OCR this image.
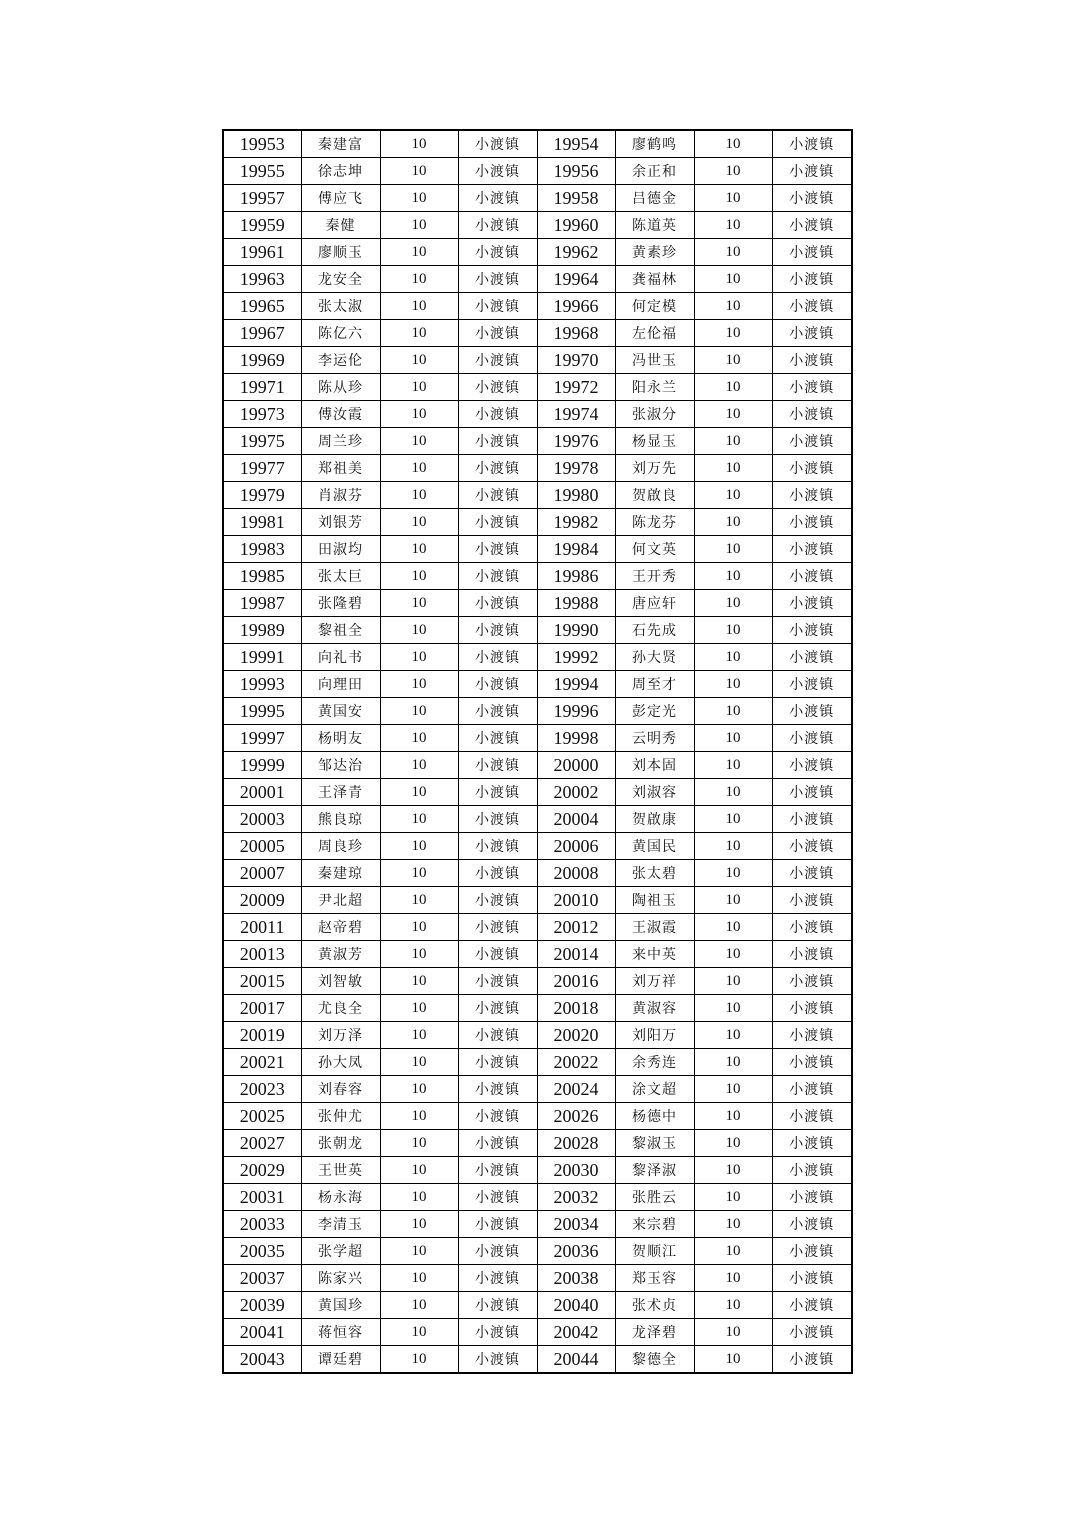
19953	秦建富	10	小渡镇	19954	廖鹤鸣	10	小渡镇
19955	徐志坤	10	小渡镇	19956	余正和	10	小渡镇
19957	傅应飞	10	小渡镇	19958	吕德金	10	小渡镇
19959	秦健	10	小渡镇	19960	陈道英	10	小渡镇
19961	廖顺玉	10	小渡镇	19962	黄素珍	10	小渡镇
19963	龙安全	10	小渡镇	19964	龚福林	10	小渡镇
19965	张太淑	10	小渡镇	19966	何定模	10	小渡镇
19967	陈亿六	10	小渡镇	19968	左伦福	10	小渡镇
19969	李运伦	10	小渡镇	19970	冯世玉	10	小渡镇
19971	陈从珍	10	小渡镇	19972	阳永兰	10	小渡镇
19973	傅汝霞	10	小渡镇	19974	张淑分	10	小渡镇
19975	周兰珍	10	小渡镇	19976	杨显玉	10	小渡镇
19977	郑祖美	10	小渡镇	19978	刘万先	10	小渡镇
19979	肖淑芬	10	小渡镇	19980	贺啟良	10	小渡镇
19981	刘银芳	10	小渡镇	19982	陈龙芬	10	小渡镇
19983	田淑均	10	小渡镇	19984	何文英	10	小渡镇
19985	张太巨	10	小渡镇	19986	王开秀	10	小渡镇
19987	张隆碧	10	小渡镇	19988	唐应轩	10	小渡镇
19989	黎祖全	10	小渡镇	19990	石先成	10	小渡镇
19991	向礼书	10	小渡镇	19992	孙大贤	10	小渡镇
19993	向理田	10	小渡镇	19994	周至才	10	小渡镇
19995	黄国安	10	小渡镇	19996	彭定光	10	小渡镇
19997	杨明友	10	小渡镇	19998	云明秀	10	小渡镇
19999	邹达治	10	小渡镇	20000	刘本固	10	小渡镇
20001	王泽青	10	小渡镇	20002	刘淑容	10	小渡镇
20003	熊良琼	10	小渡镇	20004	贺啟康	10	小渡镇
20005	周良珍	10	小渡镇	20006	黄国民	10	小渡镇
20007	秦建琼	10	小渡镇	20008	张太碧	10	小渡镇
20009	尹北超	10	小渡镇	20010	陶祖玉	10	小渡镇
20011	赵帝碧	10	小渡镇	20012	王淑霞	10	小渡镇
20013	黄淑芳	10	小渡镇	20014	来中英	10	小渡镇
20015	刘智敏	10	小渡镇	20016	刘万祥	10	小渡镇
20017	尤良全	10	小渡镇	20018	黄淑容	10	小渡镇
20019	刘万泽	10	小渡镇	20020	刘阳万	10	小渡镇
20021	孙大凤	10	小渡镇	20022	余秀连	10	小渡镇
20023	刘春容	10	小渡镇	20024	涂文超	10	小渡镇
20025	张仲尤	10	小渡镇	20026	杨德中	10	小渡镇
20027	张朝龙	10	小渡镇	20028	黎淑玉	10	小渡镇
20029	王世英	10	小渡镇	20030	黎泽淑	10	小渡镇
20031	杨永海	10	小渡镇	20032	张胜云	10	小渡镇
20033	李清玉	10	小渡镇	20034	来宗碧	10	小渡镇
20035	张学超	10	小渡镇	20036	贺顺江	10	小渡镇
20037	陈家兴	10	小渡镇	20038	郑玉容	10	小渡镇
20039	黄国珍	10	小渡镇	20040	张术贞	10	小渡镇
20041	蒋恒容	10	小渡镇	20042	龙泽碧	10	小渡镇
20043	谭廷碧	10	小渡镇	20044	黎德全	10	小渡镇
